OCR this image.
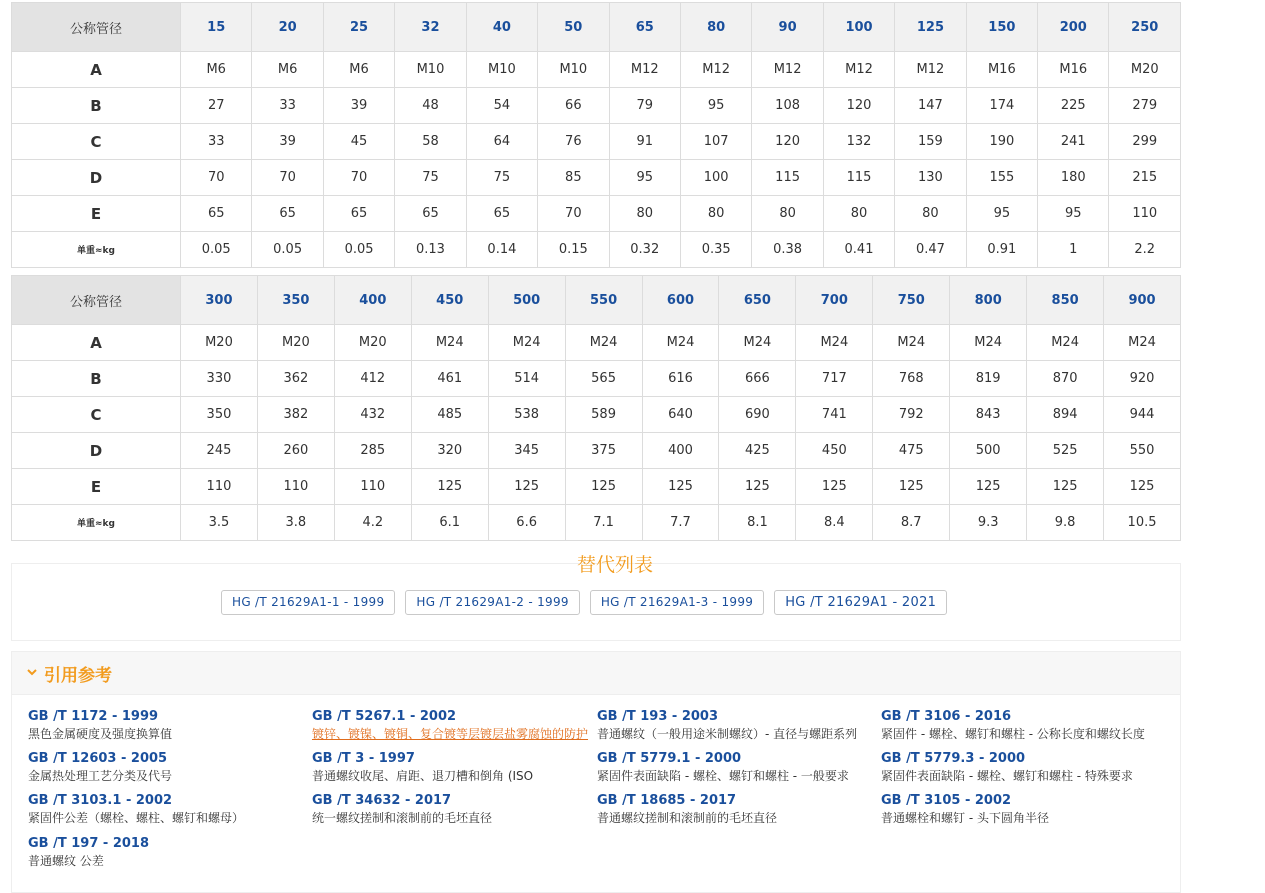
公称管径	15	20	25	32	40	50	65	80	90	100	125	150	200	250
A	M6	M6	M6	M10	M10	M10	M12	M12	M12	M12	M12	M16	M16	M20
B	27	33	39	48	54	66	79	95	108	120	147	174	225	279
C	33	39	45	58	64	76	91	107	120	132	159	190	241	299
D	70	70	70	75	75	85	95	100	115	115	130	155	180	215
E	65	65	65	65	65	70	80	80	80	80	80	95	95	110
单重≈kg	0.05	0.05	0.05	0.13	0.14	0.15	0.32	0.35	0.38	0.41	0.47	0.91	1	2.2
公称管径	300	350	400	450	500	550	600	650	700	750	800	850	900
A	M20	M20	M20	M24	M24	M24	M24	M24	M24	M24	M24	M24	M24
B	330	362	412	461	514	565	616	666	717	768	819	870	920
C	350	382	432	485	538	589	640	690	741	792	843	894	944
D	245	260	285	320	345	375	400	425	450	475	500	525	550
E	110	110	110	125	125	125	125	125	125	125	125	125	125
单重≈kg	3.5	3.8	4.2	6.1	6.6	7.1	7.7	8.1	8.4	8.7	9.3	9.8	10.5
替代列表
HG /T 21629A1-1 - 1999	HG /T 21629A1-2 - 1999	HG /T 21629A1-3 - 1999	HG /T 21629A1 - 2021
引用参考
GB /T 1172 - 1999
黑色金属硬度及强度换算值
GB /T 5267.1 - 2002
镀锌、镀镍、镀铜、复合镀等层镀层盐雾腐蚀的防护
GB /T 193 - 2003
普通螺纹（一般用途米制螺纹）- 直径与螺距系列
GB /T 3106 - 2016
紧固件 - 螺栓、螺钉和螺柱 - 公称长度和螺纹长度
GB /T 12603 - 2005
金属热处理工艺分类及代号
GB /T 3 - 1997
普通螺纹收尾、肩距、退刀槽和倒角 (ISO
GB /T 5779.1 - 2000
紧固件表面缺陷 - 螺栓、螺钉和螺柱 - 一般要求
GB /T 5779.3 - 2000
紧固件表面缺陷 - 螺栓、螺钉和螺柱 - 特殊要求
GB /T 3103.1 - 2002
紧固件公差（螺栓、螺柱、螺钉和螺母）
GB /T 34632 - 2017
统一螺纹搓制和滚制前的毛坯直径
GB /T 18685 - 2017
普通螺纹搓制和滚制前的毛坯直径
GB /T 3105 - 2002
普通螺栓和螺钉 - 头下圆角半径
GB /T 197 - 2018
普通螺纹 公差
